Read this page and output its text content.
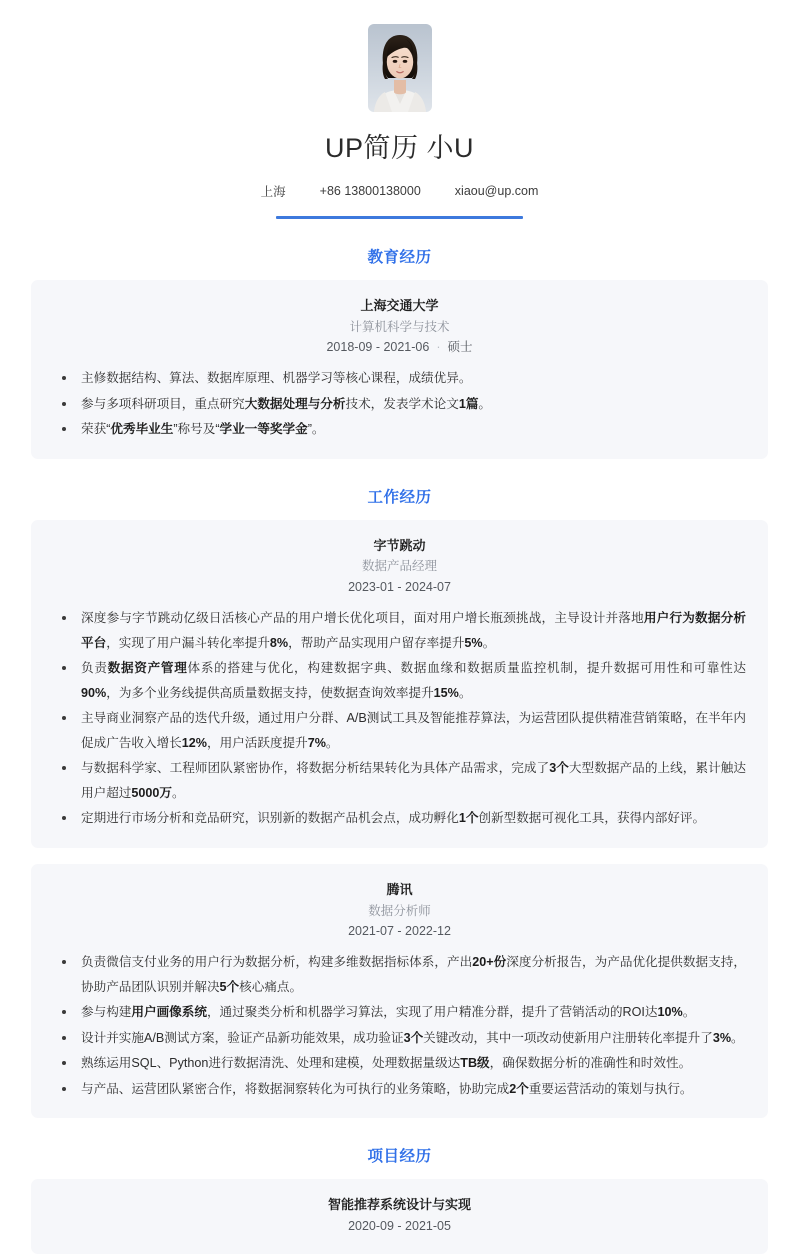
UP简历 小U
上海	+86 13800138000	xiaou@up.com
教育经历
上海交通大学
计算机科学与技术
2018-09 - 2021-06 · 硕士
主修数据结构、算法、数据库原理、机器学习等核心课程，成绩优异。
参与多项科研项目，重点研究大数据处理与分析技术，发表学术论文1篇。
荣获“优秀毕业生”称号及“学业一等奖学金”。
工作经历
字节跳动
数据产品经理
2023-01 - 2024-07
深度参与字节跳动亿级日活核心产品的用户增长优化项目，面对用户增长瓶颈挑战，主导设计并落地用户行为数据分析平台，实现了用户漏斗转化率提升8%，帮助产品实现用户留存率提升5%。
负责数据资产管理体系的搭建与优化，构建数据字典、数据血缘和数据质量监控机制，提升数据可用性和可靠性达90%，为多个业务线提供高质量数据支持，使数据查询效率提升15%。
主导商业洞察产品的迭代升级，通过用户分群、A/B测试工具及智能推荐算法，为运营团队提供精准营销策略，在半年内促成广告收入增长12%，用户活跃度提升7%。
与数据科学家、工程师团队紧密协作，将数据分析结果转化为具体产品需求，完成了3个大型数据产品的上线，累计触达用户超过5000万。
定期进行市场分析和竞品研究，识别新的数据产品机会点，成功孵化1个创新型数据可视化工具，获得内部好评。
腾讯
数据分析师
2021-07 - 2022-12
负责微信支付业务的用户行为数据分析，构建多维数据指标体系，产出20+份深度分析报告，为产品优化提供数据支持，协助产品团队识别并解决5个核心痛点。
参与构建用户画像系统，通过聚类分析和机器学习算法，实现了用户精准分群，提升了营销活动的ROI达10%。
设计并实施A/B测试方案，验证产品新功能效果，成功验证3个关键改动，其中一项改动使新用户注册转化率提升了3%。
熟练运用SQL、Python进行数据清洗、处理和建模，处理数据量级达TB级，确保数据分析的准确性和时效性。
与产品、运营团队紧密合作，将数据洞察转化为可执行的业务策略，协助完成2个重要运营活动的策划与执行。
项目经历
智能推荐系统设计与实现
2020-09 - 2021-05
